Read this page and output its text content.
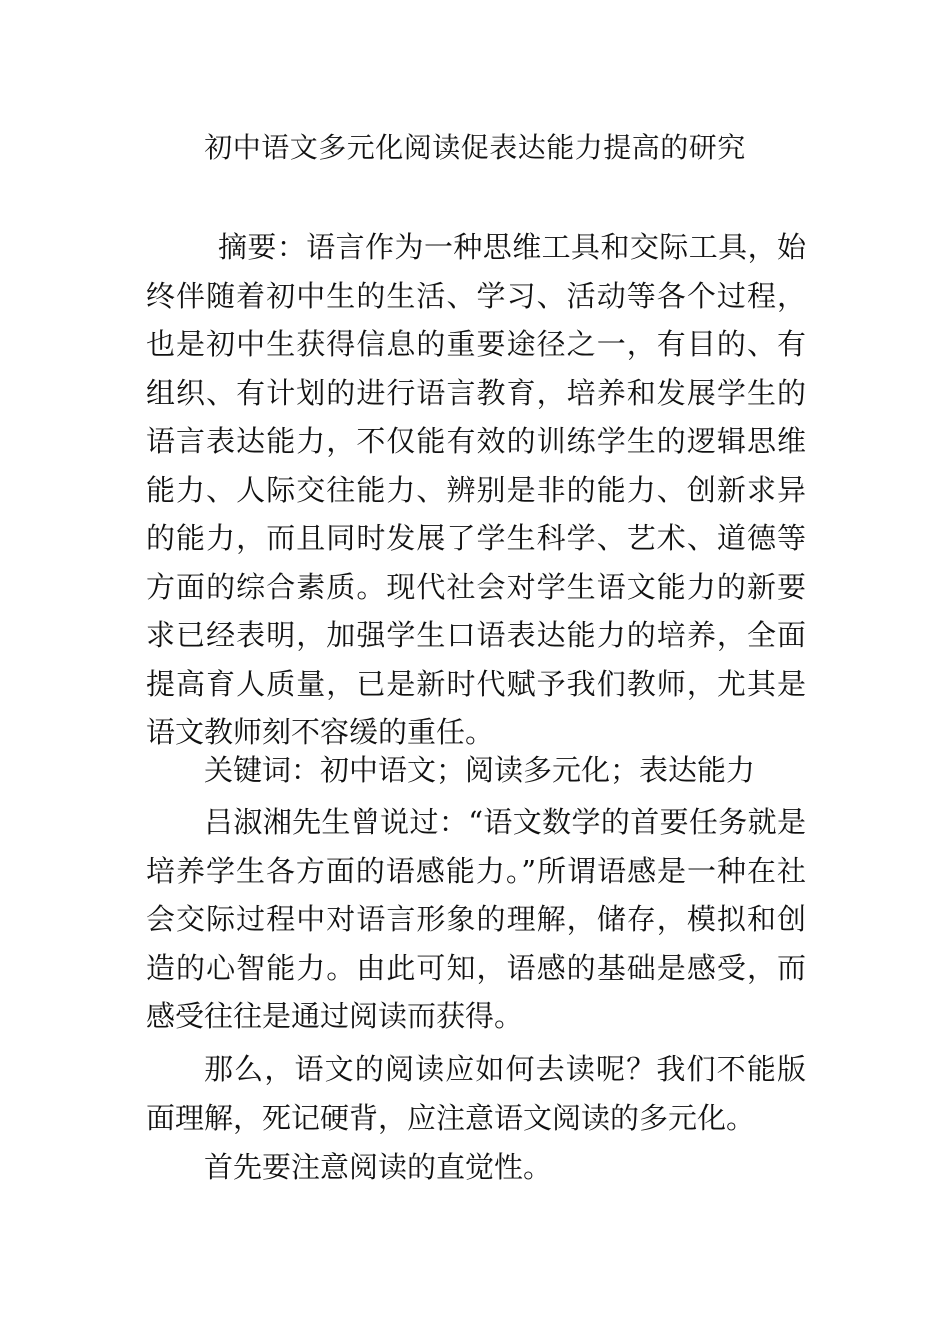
初中语文多元化阅读促表达能力提高的研究
摘要：语言作为一种思维工具和交际工具，始终伴随着初中生的生活、学习、活动等各个过程，也是初中生获得信息的重要途径之一，有目的、有组织、有计划的进行语言教育，培养和发展学生的语言表达能力，不仅能有效的训练学生的逻辑思维能力、人际交往能力、辨别是非的能力、创新求异的能力，而且同时发展了学生科学、艺术、道德等方面的综合素质。现代社会对学生语文能力的新要求已经表明，加强学生口语表达能力的培养，全面提高育人质量，已是新时代赋予我们教师，尤其是语文教师刻不容缓的重任。
关键词：初中语文；阅读多元化；表达能力
吕淑湘先生曾说过：“语文数学的首要任务就是培养学生各方面的语感能力。”所谓语感是一种在社会交际过程中对语言形象的理解，储存，模拟和创造的心智能力。由此可知，语感的基础是感受，而感受往往是通过阅读而获得。
那么，语文的阅读应如何去读呢？我们不能版面理解，死记硬背，应注意语文阅读的多元化。
首先要注意阅读的直觉性。
